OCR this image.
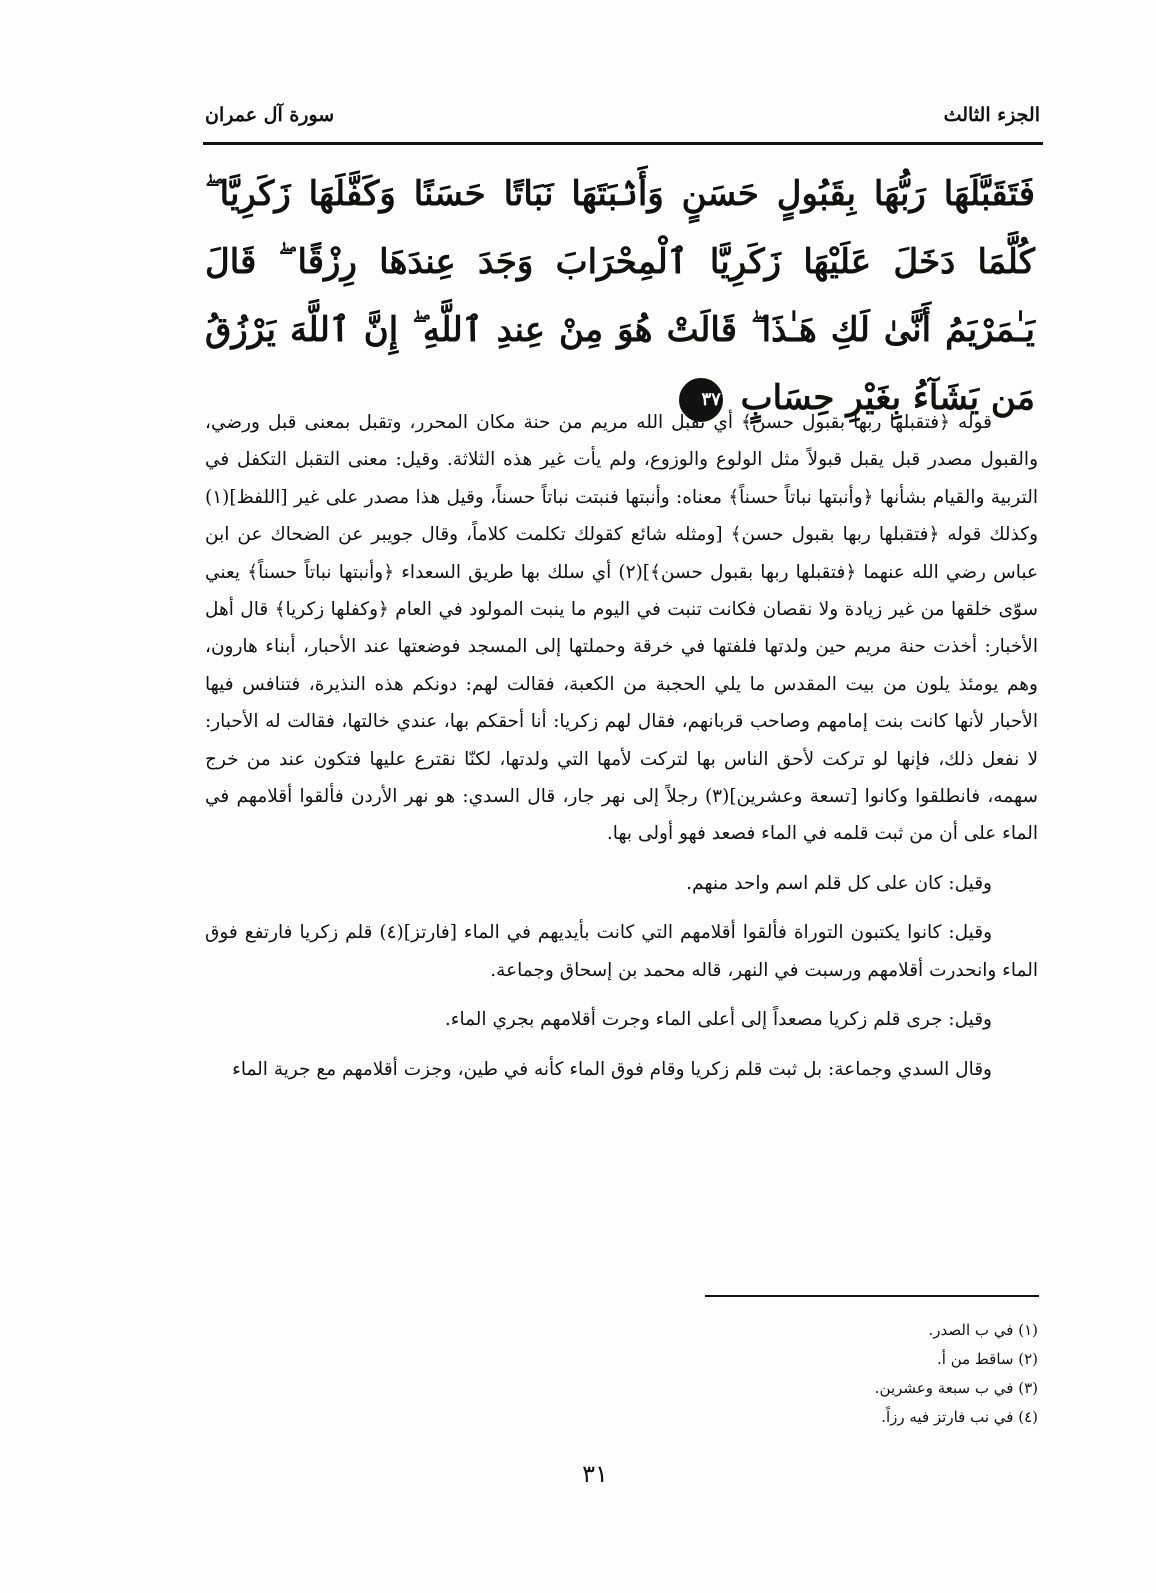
الجزء الثالث
سورة آل عمران
فَتَقَبَّلَهَا رَبُّهَا بِقَبُولٍ حَسَنٍ وَأَنۢبَتَهَا نَبَاتًا حَسَنًا وَكَفَّلَهَا زَكَرِيَّا ۖ كُلَّمَا دَخَلَ عَلَيْهَا زَكَرِيَّا ٱلْمِحْرَابَ وَجَدَ عِندَهَا رِزْقًا ۖ قَالَ يَـٰمَرْيَمُ أَنَّىٰ لَكِ هَـٰذَا ۖ قَالَتْ هُوَ مِنْ عِندِ ٱللَّهِ ۖ إِنَّ ٱللَّهَ يَرْزُقُ مَن يَشَآءُ بِغَيْرِ حِسَابٍ ٣٧

قوله ﴿فتقبلها ربها بقبول حسن﴾ أي تقبل الله مريم من حنة مكان المحرر، وتقبل بمعنى قبل ورضي، والقبول مصدر قبل يقبل قبولاً مثل الولوع والوزوع، ولم يأت غير هذه الثلاثة. وقيل: معنى التقبل التكفل في التربية والقيام بشأنها ﴿وأنبتها نباتاً حسناً﴾ معناه: وأنبتها فنبتت نباتاً حسناً، وقيل هذا مصدر على غير [اللفظ](١) وكذلك قوله ﴿فتقبلها ربها بقبول حسن﴾ [ومثله شائع كقولك تكلمت كلاماً، وقال جويبر عن الضحاك عن ابن عباس رضي الله عنهما ﴿فتقبلها ربها بقبول حسن﴾](٢) أي سلك بها طريق السعداء ﴿وأنبتها نباتاً حسناً﴾ يعني سوّى خلقها من غير زيادة ولا نقصان فكانت تنبت في اليوم ما ينبت المولود في العام ﴿وكفلها زكريا﴾ قال أهل الأخبار: أخذت حنة مريم حين ولدتها فلفتها في خرقة وحملتها إلى المسجد فوضعتها عند الأحبار، أبناء هارون، وهم يومئذ يلون من بيت المقدس ما يلي الحجبة من الكعبة، فقالت لهم: دونكم هذه النذيرة، فتنافس فيها الأحبار لأنها كانت بنت إمامهم وصاحب قربانهم، فقال لهم زكريا: أنا أحقكم بها، عندي خالتها، فقالت له الأحبار: لا نفعل ذلك، فإنها لو تركت لأحق الناس بها لتركت لأمها التي ولدتها، لكنّا نقترع عليها فتكون عند من خرج سهمه، فانطلقوا وكانوا [تسعة وعشرين](٣) رجلاً إلى نهر جار، قال السدي: هو نهر الأردن فألقوا أقلامهم في الماء على أن من ثبت قلمه في الماء فصعد فهو أولى بها.

وقيل: كان على كل قلم اسم واحد منهم.

وقيل: كانوا يكتبون التوراة فألقوا أقلامهم التي كانت بأيديهم في الماء [فارتز](٤) قلم زكريا فارتفع فوق الماء وانحدرت أقلامهم ورسبت في النهر، قاله محمد بن إسحاق وجماعة.

وقيل: جرى قلم زكريا مصعداً إلى أعلى الماء وجرت أقلامهم بجري الماء.

وقال السدي وجماعة: بل ثبت قلم زكريا وقام فوق الماء كأنه في طين، وجزت أقلامهم مع جرية الماء

(١) في ب الصدر.
(٢) ساقط من أ.
(٣) في ب سبعة وعشرين.
(٤) في نب فارتز فيه رزاً.
٣١
